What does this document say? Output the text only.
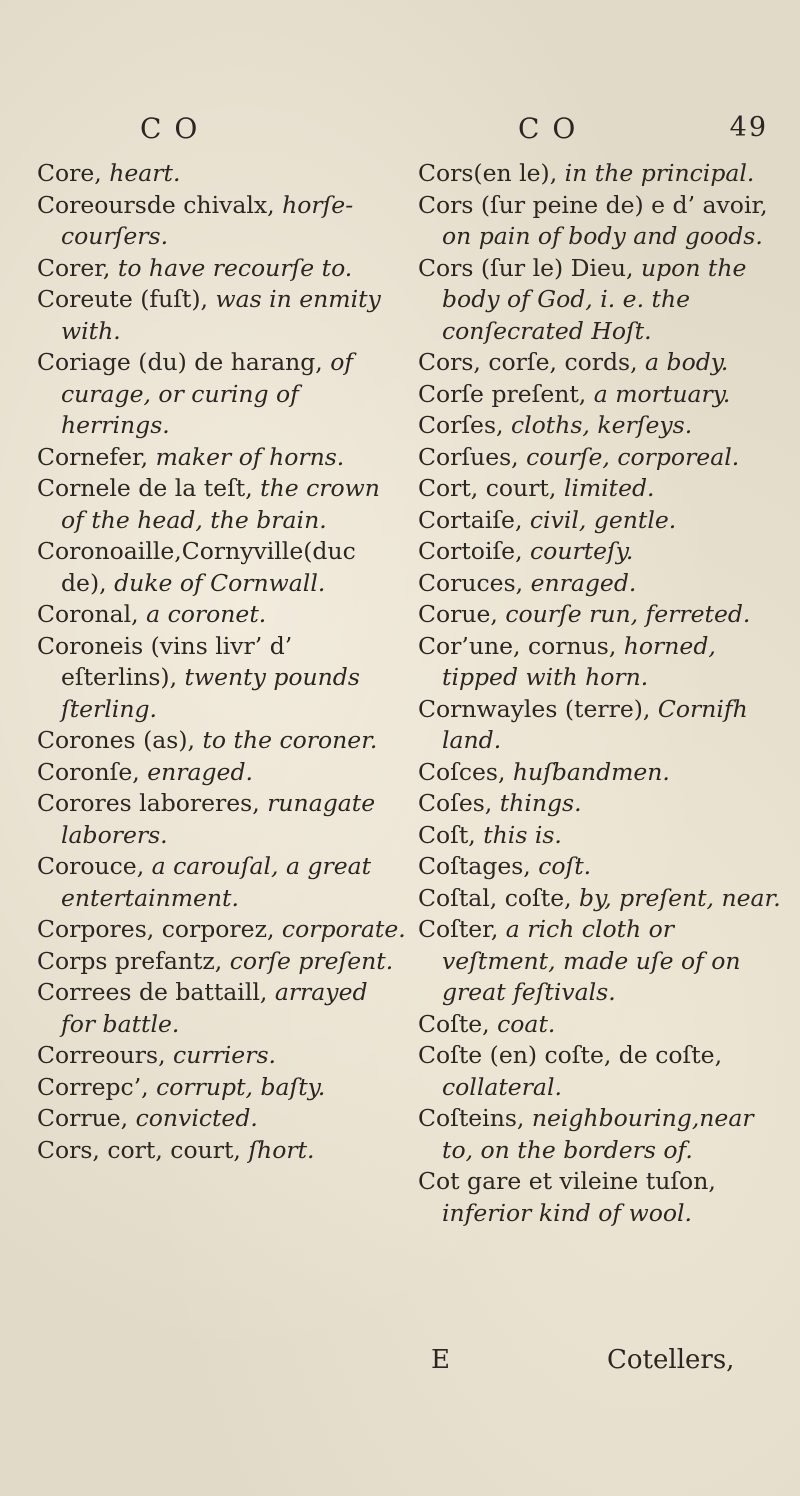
C O	C O	49
Core, heart.
Coreoursde chivalx, horſe-courſers.
Corer, to have recourſe to.
Coreute (fuſt), was in enmity with.
Coriage (du) de harang, of curage, or curing of herrings.
Cornefer, maker of horns.
Cornele de la teſt, the crown of the head, the brain.
Coronoaille,Cornyville(duc de), duke of Cornwall.
Coronal, a coronet.
Coroneis (vins livr’ d’ eſterlins), twenty pounds ſterling.
Corones (as), to the coroner.
Coronſe, enraged.
Corores laboreres, runagate laborers.
Corouce, a carouſal, a great entertainment.
Corpores, corporez, corporate.
Corps prefantz, corſe preſent.
Correes de battaill, arrayed for battle.
Correours, curriers.
Correpc’, corrupt, baſty.
Corrue, convicted.
Cors, cort, court, ſhort.
Cors(en le), in the principal.
Cors (ſur peine de) e d’ avoir, on pain of body and goods.
Cors (ſur le) Dieu, upon the body of God, i. e. the conſecrated Hoſt.
Cors, corſe, cords, a body.
Corſe preſent, a mortuary.
Corſes, cloths, kerſeys.
Corſues, courſe, corporeal.
Cort, court, limited.
Cortaiſe, civil, gentle.
Cortoiſe, courteſy.
Coruces, enraged.
Corue, courſe run, ferreted.
Cor’une, cornus, horned, tipped with horn.
Cornwayles (terre), Cornifh land.
Coſces, huſbandmen.
Coſes, things.
Coſt, this is.
Coſtages, coſt.
Coſtal, coſte, by, preſent, near.
Coſter, a rich cloth or veſtment, made uſe of on great feſtivals.
Coſte, coat.
Coſte (en) coſte, de coſte, collateral.
Coſteins, neighbouring,near to, on the borders of.
Cot gare et vileine tuſon, inferior kind of wool.
E	Cotellers,
